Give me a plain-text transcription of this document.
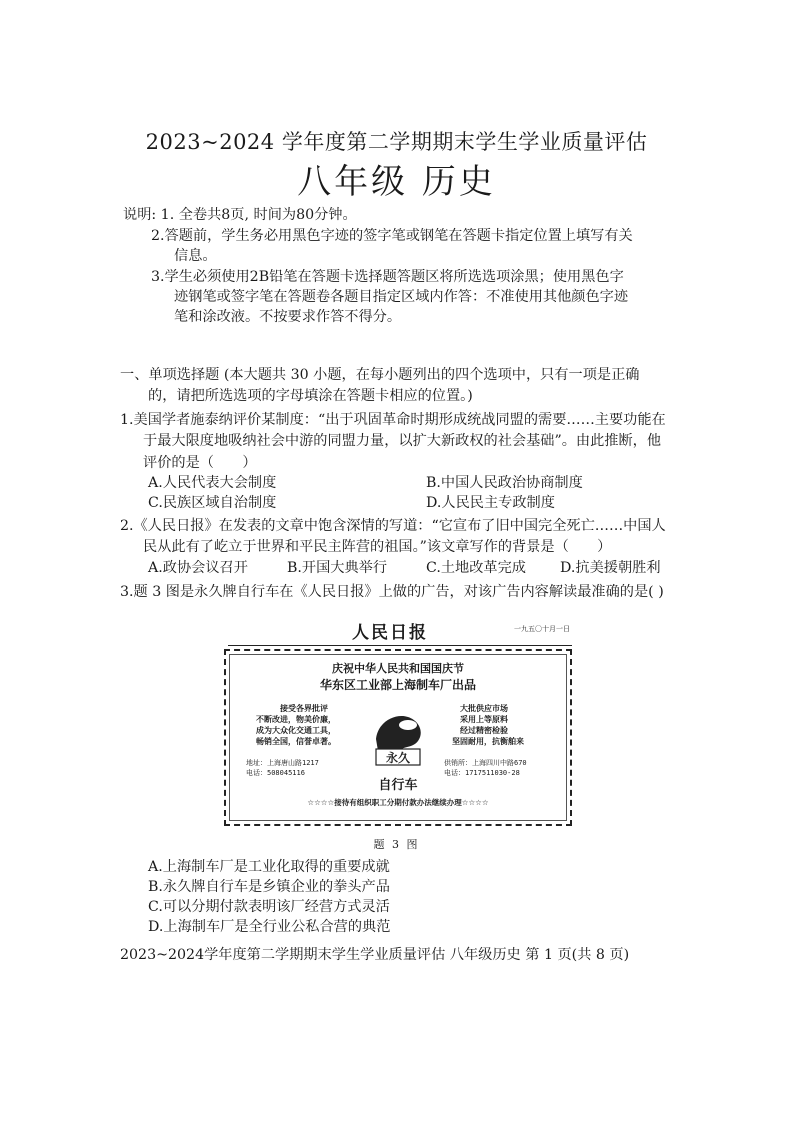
2023~2024 学年度第二学期期末学生学业质量评估
八年级 历史
说明: 1. 全卷共8页, 时间为80分钟。
2.答题前，学生务必用黑色字迹的签字笔或钢笔在答题卡指定位置上填写有关
信息。
3.学生必须使用2B铅笔在答题卡选择题答题区将所选选项涂黑；使用黑色字
迹钢笔或签字笔在答题卷各题目指定区域内作答：不准使用其他颜色字迹
笔和涂改液。不按要求作答不得分。
一、单项选择题 (本大题共 30 小题，在每小题列出的四个选项中，只有一项是正确
的，请把所选选项的字母填涂在答题卡相应的位置。)
1.美国学者施泰纳评价某制度：“出于巩固革命时期形成统战同盟的需要……主要功能在
于最大限度地吸纳社会中游的同盟力量，以扩大新政权的社会基础”。由此推断，他
评价的是（　　）
A.人民代表大会制度	B.中国人民政治协商制度
C.民族区域自治制度	D.人民民主专政制度
2.《人民日报》在发表的文章中饱含深情的写道：“它宣布了旧中国完全死亡……中国人
民从此有了屹立于世界和平民主阵营的祖国。”该文章写作的背景是（　　）
A.政协会议召开	B.开国大典举行	C.土地改革完成 D.抗美援朝胜利
3.题 3 图是永久牌自行车在《人民日报》上做的广告，对该广告内容解读最准确的是( )
人民日报	一九五〇十月一日
庆祝中华人民共和国国庆节
华东区工业部上海制车厂出品
接受各界批评
不断改进，物美价廉，
成为大众化交通工具，
畅销全国，信誉卓著。
大批供应市场
采用上等原料
经过精密检验
坚固耐用，抗衡舶来
永久
地址：上海唐山路1217
电话：508045116
供销所：上海四川中路670
电话：1717511030-28
自行车
☆☆☆☆接待有组织职工分期付款办法继续办理☆☆☆☆
题 3 图
A.上海制车厂是工业化取得的重要成就
B.永久牌自行车是乡镇企业的拳头产品
C.可以分期付款表明该厂经营方式灵活
D.上海制车厂是全行业公私合营的典范
2023~2024学年度第二学期期末学生学业质量评估 八年级历史 第 1 页(共 8 页)
